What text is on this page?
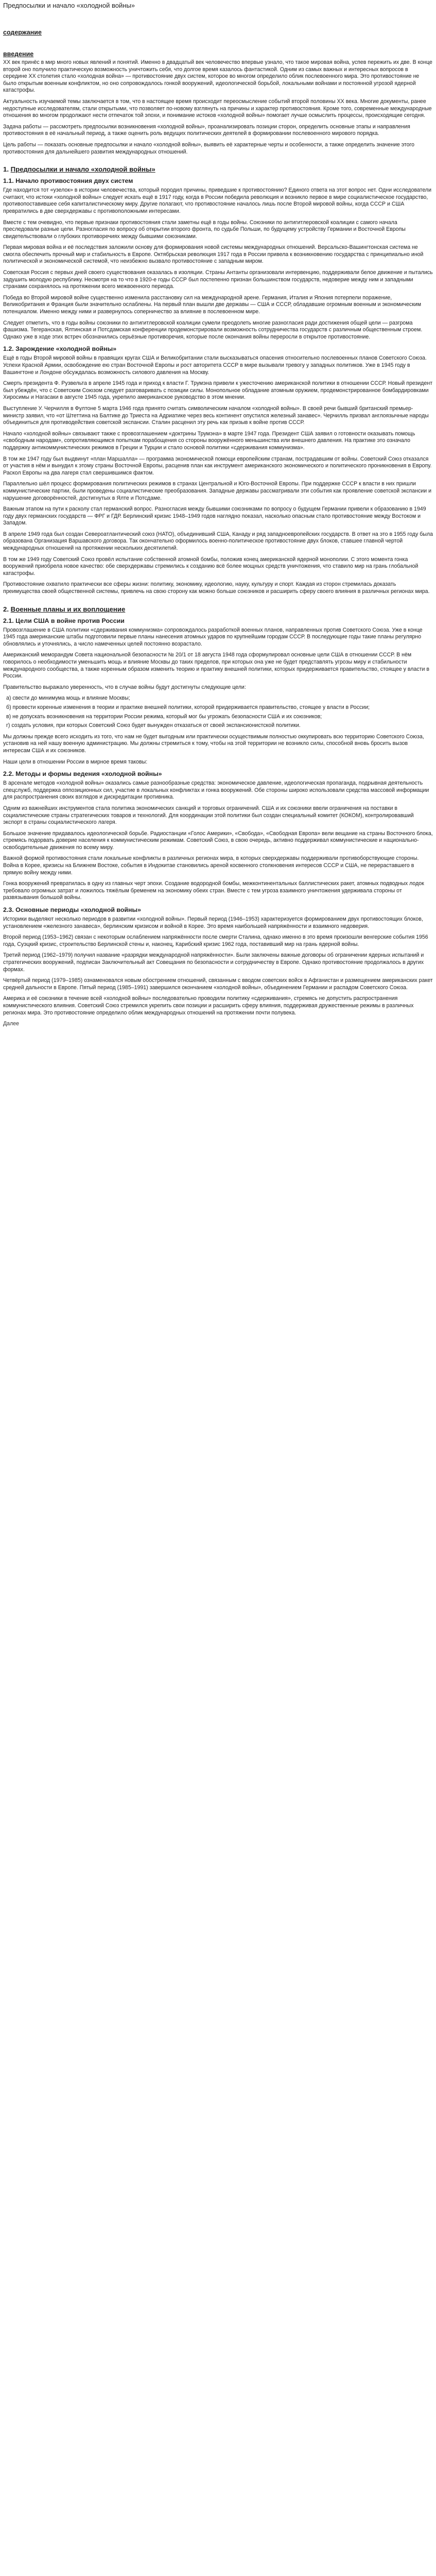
Предпосылки и начало «холодной войны»
содержание
введение

XX век принёс в мир много новых явлений и понятий. Именно в двадцатый век человечество впервые узнало, что такое мировая война, успев пережить их две. В конце второй оно получило практическую возможность уничтожить себя, что долгое время казалось фантастикой. Одним из самых важных и интересных вопросов в середине XX столетия стало «холодная война» — противостояние двух систем, которое во многом определило облик послевоенного мира. Это противостояние не было открытым военным конфликтом, но оно сопровождалось гонкой вооружений, идеологической борьбой, локальными войнами и постоянной угрозой ядерной катастрофы.

Актуальность изучаемой темы заключается в том, что в настоящее время происходит переосмысление событий второй половины XX века. Многие документы, ранее недоступные исследователям, стали открытыми, что позволяет по-новому взглянуть на причины и характер противостояния. Кроме того, современные международные отношения во многом продолжают нести отпечаток той эпохи, и понимание истоков «холодной войны» помогает лучше осмыслить процессы, происходящие сегодня.

Задача работы — рассмотреть предпосылки возникновения «холодной войны», проанализировать позиции сторон, определить основные этапы и направления противостояния в её начальный период, а также оценить роль ведущих политических деятелей в формировании послевоенного мирового порядка.

Цель работы — показать основные предпосылки и начало «холодной войны», выявить её характерные черты и особенности, а также определить значение этого противостояния для дальнейшего развития международных отношений.

1. Предпосылки и начало «холодной войны»
1.1. Начало противостояния двух систем

Где находится тот «узелок» в истории человечества, который породил причины, приведшие к противостоянию? Единого ответа на этот вопрос нет. Одни исследователи считают, что истоки «холодной войны» следует искать ещё в 1917 году, когда в России победила революция и возникло первое в мире социалистическое государство, противопоставившее себя капиталистическому миру. Другие полагают, что противостояние началось лишь после Второй мировой войны, когда СССР и США превратились в две сверхдержавы с противоположными интересами.

Вместе с тем очевидно, что первые признаки противостояния стали заметны ещё в годы войны. Союзники по антигитлеровской коалиции с самого начала преследовали разные цели. Разногласия по вопросу об открытии второго фронта, по судьбе Польши, по будущему устройству Германии и Восточной Европы свидетельствовали о глубоких противоречиях между бывшими союзниками.

Первая мировая война и её последствия заложили основу для формирования новой системы международных отношений. Версальско-Вашингтонская система не смогла обеспечить прочный мир и стабильность в Европе. Октябрьская революция 1917 года в России привела к возникновению государства с принципиально иной политической и экономической системой, что неизбежно вызвало противостояние с западным миром.

Советская Россия с первых дней своего существования оказалась в изоляции. Страны Антанты организовали интервенцию, поддерживали белое движение и пытались задушить молодую республику. Несмотря на то что в 1920-е годы СССР был постепенно признан большинством государств, недоверие между ним и западными странами сохранялось на протяжении всего межвоенного периода.

Победа во Второй мировой войне существенно изменила расстановку сил на международной арене. Германия, Италия и Япония потерпели поражение, Великобритания и Франция были значительно ослаблены. На первый план вышли две державы — США и СССР, обладавшие огромным военным и экономическим потенциалом. Именно между ними и развернулось соперничество за влияние в послевоенном мире.

Следует отметить, что в годы войны союзники по антигитлеровской коалиции сумели преодолеть многие разногласия ради достижения общей цели — разгрома фашизма. Тегеранская, Ялтинская и Потсдамская конференции продемонстрировали возможность сотрудничества государств с различным общественным строем. Однако уже в ходе этих встреч обозначились серьёзные противоречия, которые после окончания войны переросли в открытое противостояние.

1.2. Зарождение «холодной войны»

Ещё в годы Второй мировой войны в правящих кругах США и Великобритании стали высказываться опасения относительно послевоенных планов Советского Союза. Успехи Красной Армии, освобождение ею стран Восточной Европы и рост авторитета СССР в мире вызывали тревогу у западных политиков. Уже в 1945 году в Вашингтоне и Лондоне обсуждалась возможность силового давления на Москву.

Смерть президента Ф. Рузвельта в апреле 1945 года и приход к власти Г. Трумэна привели к ужесточению американской политики в отношении СССР. Новый президент был убеждён, что с Советским Союзом следует разговаривать с позиции силы. Монопольное обладание атомным оружием, продемонстрированное бомбардировками Хиросимы и Нагасаки в августе 1945 года, укрепило американское руководство в этом мнении.

Выступление У. Черчилля в Фултоне 5 марта 1946 года принято считать символическим началом «холодной войны». В своей речи бывший британский премьер-министр заявил, что «от Штеттина на Балтике до Триеста на Адриатике через весь континент опустился железный занавес». Черчилль призвал англоязычные народы объединиться для противодействия советской экспансии. Сталин расценил эту речь как призыв к войне против СССР.

Начало «холодной войны» связывают также с провозглашением «доктрины Трумэна» в марте 1947 года. Президент США заявил о готовности оказывать помощь «свободным народам», сопротивляющимся попыткам порабощения со стороны вооружённого меньшинства или внешнего давления. На практике это означало поддержку антикоммунистических режимов в Греции и Турции и стало основой политики «сдерживания коммунизма».

В том же 1947 году был выдвинут «план Маршалла» — программа экономической помощи европейским странам, пострадавшим от войны. Советский Союз отказался от участия в нём и вынудил к этому страны Восточной Европы, расценив план как инструмент американского экономического и политического проникновения в Европу. Раскол Европы на два лагеря стал свершившимся фактом.

Параллельно шёл процесс формирования политических режимов в странах Центральной и Юго-Восточной Европы. При поддержке СССР к власти в них пришли коммунистические партии, были проведены социалистические преобразования. Западные державы рассматривали эти события как проявление советской экспансии и нарушение договорённостей, достигнутых в Ялте и Потсдаме.

Важным этапом на пути к расколу стал германский вопрос. Разногласия между бывшими союзниками по вопросу о будущем Германии привели к образованию в 1949 году двух германских государств — ФРГ и ГДР. Берлинский кризис 1948–1949 годов наглядно показал, насколько опасным стало противостояние между Востоком и Западом.

В апреле 1949 года был создан Североатлантический союз (НАТО), объединивший США, Канаду и ряд западноевропейских государств. В ответ на это в 1955 году была образована Организация Варшавского договора. Так окончательно оформилось военно-политическое противостояние двух блоков, ставшее главной чертой международных отношений на протяжении нескольких десятилетий.

В том же 1949 году Советский Союз провёл испытание собственной атомной бомбы, положив конец американской ядерной монополии. С этого момента гонка вооружений приобрела новое качество: обе сверхдержавы стремились к созданию всё более мощных средств уничтожения, что ставило мир на грань глобальной катастрофы.

Противостояние охватило практически все сферы жизни: политику, экономику, идеологию, науку, культуру и спорт. Каждая из сторон стремилась доказать преимущества своей общественной системы, привлечь на свою сторону как можно больше союзников и расширить сферу своего влияния в различных регионах мира.

2. Военные планы и их воплощение
2.1. Цели США в войне против России

Провозглашение в США политики «сдерживания коммунизма» сопровождалось разработкой военных планов, направленных против Советского Союза. Уже в конце 1945 года американские штабы подготовили первые планы нанесения атомных ударов по крупнейшим городам СССР. В последующие годы такие планы регулярно обновлялись и уточнялись, а число намеченных целей постоянно возрастало.

Американский меморандум Совета национальной безопасности № 20/1 от 18 августа 1948 года сформулировал основные цели США в отношении СССР. В нём говорилось о необходимости уменьшить мощь и влияние Москвы до таких пределов, при которых она уже не будет представлять угрозы миру и стабильности международного сообщества, а также коренным образом изменить теорию и практику внешней политики, которых придерживается правительство, стоящее у власти в России.

Правительство выражало уверенность, что в случае войны будут достигнуты следующие цели:

а) свести до минимума мощь и влияние Москвы;
б) провести коренные изменения в теории и практике внешней политики, которой придерживается правительство, стоящее у власти в России;
в) не допускать возникновения на территории России режима, который мог бы угрожать безопасности США и их союзников;
г) создать условия, при которых Советский Союз будет вынужден отказаться от своей экспансионистской политики.

Мы должны прежде всего исходить из того, что нам не будет выгодным или практически осуществимым полностью оккупировать всю территорию Советского Союза, установив на ней нашу военную администрацию. Мы должны стремиться к тому, чтобы на этой территории не возникло силы, способной вновь бросить вызов интересам США и их союзников.

Наши цели в отношении России в мирное время таковы:

2.2. Методы и формы ведения «холодной войны»

В арсенале методов «холодной войны» оказались самые разнообразные средства: экономическое давление, идеологическая пропаганда, подрывная деятельность спецслужб, поддержка оппозиционных сил, участие в локальных конфликтах и гонка вооружений. Обе стороны широко использовали средства массовой информации для распространения своих взглядов и дискредитации противника.

Одним из важнейших инструментов стала политика экономических санкций и торговых ограничений. США и их союзники ввели ограничения на поставки в социалистические страны стратегических товаров и технологий. Для координации этой политики был создан специальный комитет (КОКОМ), контролировавший экспорт в страны социалистического лагеря.

Большое значение придавалось идеологической борьбе. Радиостанции «Голос Америки», «Свобода», «Свободная Европа» вели вещание на страны Восточного блока, стремясь подорвать доверие населения к коммунистическим режимам. Советский Союз, в свою очередь, активно поддерживал коммунистические и национально-освободительные движения по всему миру.

Важной формой противостояния стали локальные конфликты в различных регионах мира, в которых сверхдержавы поддерживали противоборствующие стороны. Война в Корее, кризисы на Ближнем Востоке, события в Индокитае становились ареной косвенного столкновения интересов СССР и США, не перераставшего в прямую войну между ними.

Гонка вооружений превратилась в одну из главных черт эпохи. Создание водородной бомбы, межконтинентальных баллистических ракет, атомных подводных лодок требовало огромных затрат и ложилось тяжёлым бременем на экономику обеих стран. Вместе с тем угроза взаимного уничтожения удерживала стороны от развязывания большой войны.

2.3. Основные периоды «холодной войны»

Историки выделяют несколько периодов в развитии «холодной войны». Первый период (1946–1953) характеризуется формированием двух противостоящих блоков, установлением «железного занавеса», берлинским кризисом и войной в Корее. Это время наибольшей напряжённости и взаимного недоверия.

Второй период (1953–1962) связан с некоторым ослаблением напряжённости после смерти Сталина, однако именно в это время произошли венгерские события 1956 года, Суэцкий кризис, строительство Берлинской стены и, наконец, Карибский кризис 1962 года, поставивший мир на грань ядерной войны.

Третий период (1962–1979) получил название «разрядки международной напряжённости». Были заключены важные договоры об ограничении ядерных испытаний и стратегических вооружений, подписан Заключительный акт Совещания по безопасности и сотрудничеству в Европе. Однако противостояние продолжалось в других формах.

Четвёртый период (1979–1985) ознаменовался новым обострением отношений, связанным с вводом советских войск в Афганистан и размещением американских ракет средней дальности в Европе. Пятый период (1985–1991) завершился окончанием «холодной войны», объединением Германии и распадом Советского Союза.

Америка и её союзники в течение всей «холодной войны» последовательно проводили политику «сдерживания», стремясь не допустить распространения коммунистического влияния. Советский Союз стремился укрепить свои позиции и расширить сферу влияния, поддерживая дружественные режимы в различных регионах мира. Это противостояние определило облик международных отношений на протяжении почти полувека.

Далее
